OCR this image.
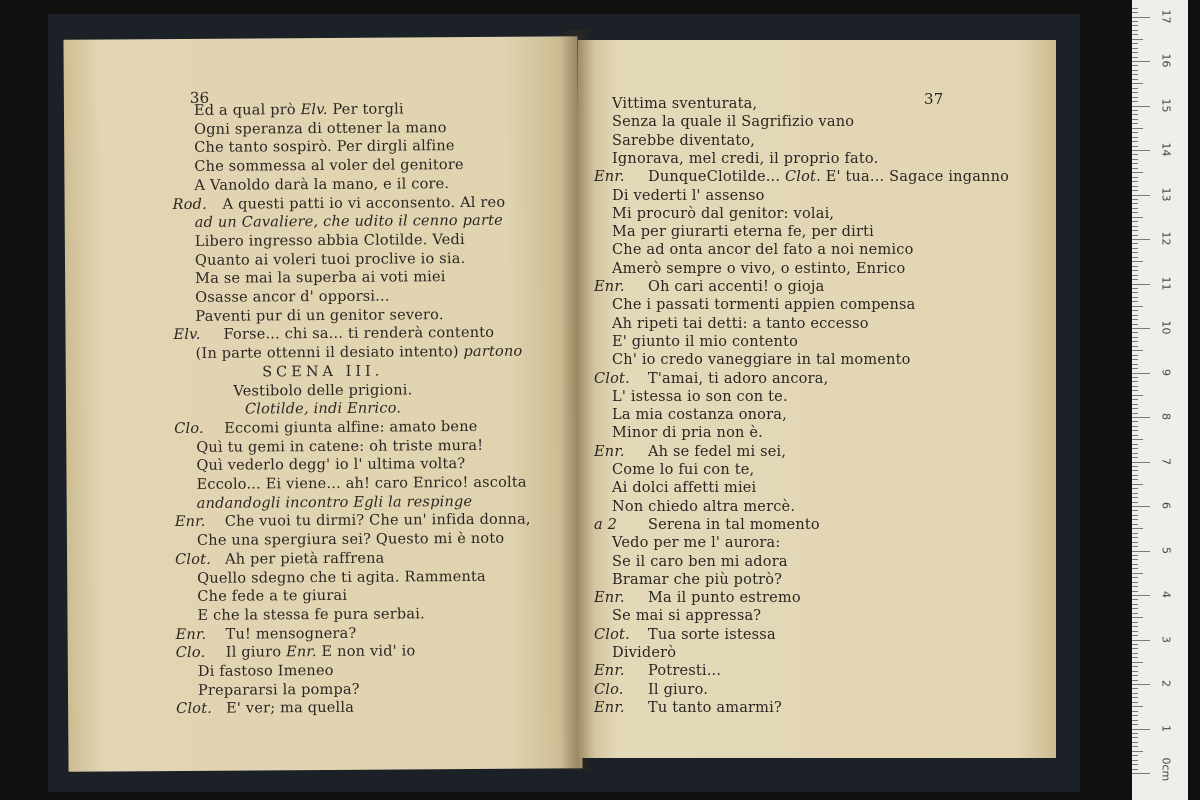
36
Ed a qual prò Elv. Per torgli
Ogni speranza di ottener la mano
Che tanto sospirò. Per dirgli alfine
Che sommessa al voler del genitore
A Vanoldo darà la mano, e il core.
Rod. A questi patti io vi acconsento. Al reo
ad un Cavaliere, che udito il cenno parte
Libero ingresso abbia Clotilde. Vedi
Quanto ai voleri tuoi proclive io sia.
Ma se mai la superba ai voti miei
Osasse ancor d' opporsi...
Paventi pur di un genitor severo.
Elv. Forse... chi sa... ti renderà contento
(In parte ottenni il desiato intento) partono
SCENA III.
Vestibolo delle prigioni.
Clotilde, indi Enrico.
Clo. Eccomi giunta alfine: amato bene
Quì tu gemi in catene: oh triste mura!
Quì vederlo degg' io l' ultima volta?
Eccolo... Ei viene... ah! caro Enrico! ascolta
andandogli incontro Egli la respinge
Enr. Che vuoi tu dirmi? Che un' infida donna,
Che una spergiura sei? Questo mi è noto
Clot. Ah per pietà raffrena
Quello sdegno che ti agita. Rammenta
Che fede a te giurai
E che la stessa fe pura serbai.
Enr. Tu! mensognera?
Clo. Il giuro Enr. E non vid' io
Di fastoso Imeneo
Prepararsi la pompa?
Clot. E' ver; ma quella
37
Vittima sventurata,
Senza la quale il Sagrifizio vano
Sarebbe diventato,
Ignorava, mel credi, il proprio fato.
Enr. DunqueClotilde... Clot. E' tua... Sagace inganno
Di vederti l' assenso
Mi procurò dal genitor: volai,
Ma per giurarti eterna fe, per dirti
Che ad onta ancor del fato a noi nemico
Amerò sempre o vivo, o estinto, Enrico
Enr. Oh cari accenti! o gioja
Che i passati tormenti appien compensa
Ah ripeti tai detti: a tanto eccesso
E' giunto il mio contento
Ch' io credo vaneggiare in tal momento
Clot. T'amai, ti adoro ancora,
L' istessa io son con te.
La mia costanza onora,
Minor di pria non è.
Enr. Ah se fedel mi sei,
Come lo fui con te,
Ai dolci affetti miei
Non chiedo altra mercè.
a 2 Serena in tal momento
Vedo per me l' aurora:
Se il caro ben mi adora
Bramar che più potrò?
Enr. Ma il punto estremo
Se mai si appressa?
Clot. Tua sorte istessa
Dividerò
Enr. Potresti...
Clo. Il giuro.
Enr. Tu tanto amarmi?
0cm
1
2
3
4
5
6
7
8
9
10
11
12
13
14
15
16
17
